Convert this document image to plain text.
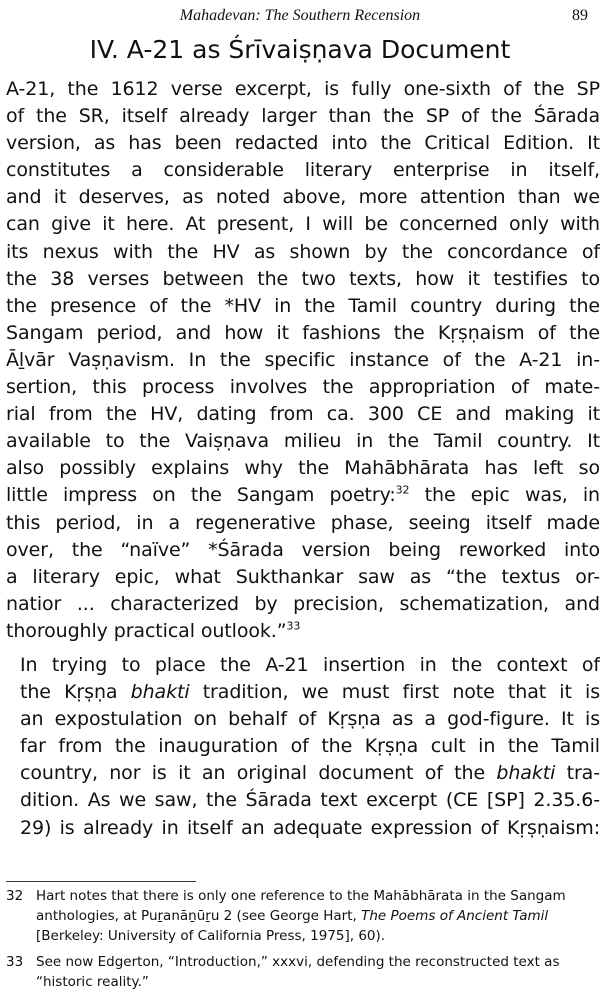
Mahadevan: The Southern Recension	89
IV. A-21 as Śrīvaiṣṇava Document

A-21, the 1612 verse excerpt, is fully one-sixth of the SP
of the SR, itself already larger than the SP of the Śārada
version, as has been redacted into the Critical Edition. It
constitutes a considerable literary enterprise in itself,
and it deserves, as noted above, more attention than we
can give it here. At present, I will be concerned only with
its nexus with the HV as shown by the concordance of
the 38 verses between the two texts, how it testifies to
the presence of the *HV in the Tamil country during the
Sangam period, and how it fashions the Kṛṣṇaism of the
Āḻvār Vaṣṇavism. In the specific instance of the A-21 in-
sertion, this process involves the appropriation of mate-
rial from the HV, dating from ca. 300 CE and making it
available to the Vaiṣṇava milieu in the Tamil country. It
also possibly explains why the Mahābhārata has left so
little impress on the Sangam poetry:$^{32}$ the epic was, in
this period, in a regenerative phase, seeing itself made
over, the “naïve” *Śārada version being reworked into
a literary epic, what Sukthankar saw as “the textus or-
natior ... characterized by precision, schematization, and
thoroughly practical outlook.”$^{33}$

In trying to place the A-21 insertion in the context of
the Kṛṣṇa bhakti tradition, we must first note that it is
an expostulation on behalf of Kṛṣṇa as a god-figure. It is
far from the inauguration of the Kṛṣṇa cult in the Tamil
country, nor is it an original document of the bhakti tra-
dition. As we saw, the Śārada text excerpt (CE [SP] 2.35.6-
29) is already in itself an adequate expression of Kṛṣṇaism:

32 Hart notes that there is only one reference to the Mahābhārata in the Sangam
anthologies, at Puṟanāṉūṟu 2 (see George Hart, The Poems of Ancient Tamil
[Berkeley: University of California Press, 1975], 60).
33 See now Edgerton, “Introduction,” xxxvi, defending the reconstructed text as
“historic reality.”
